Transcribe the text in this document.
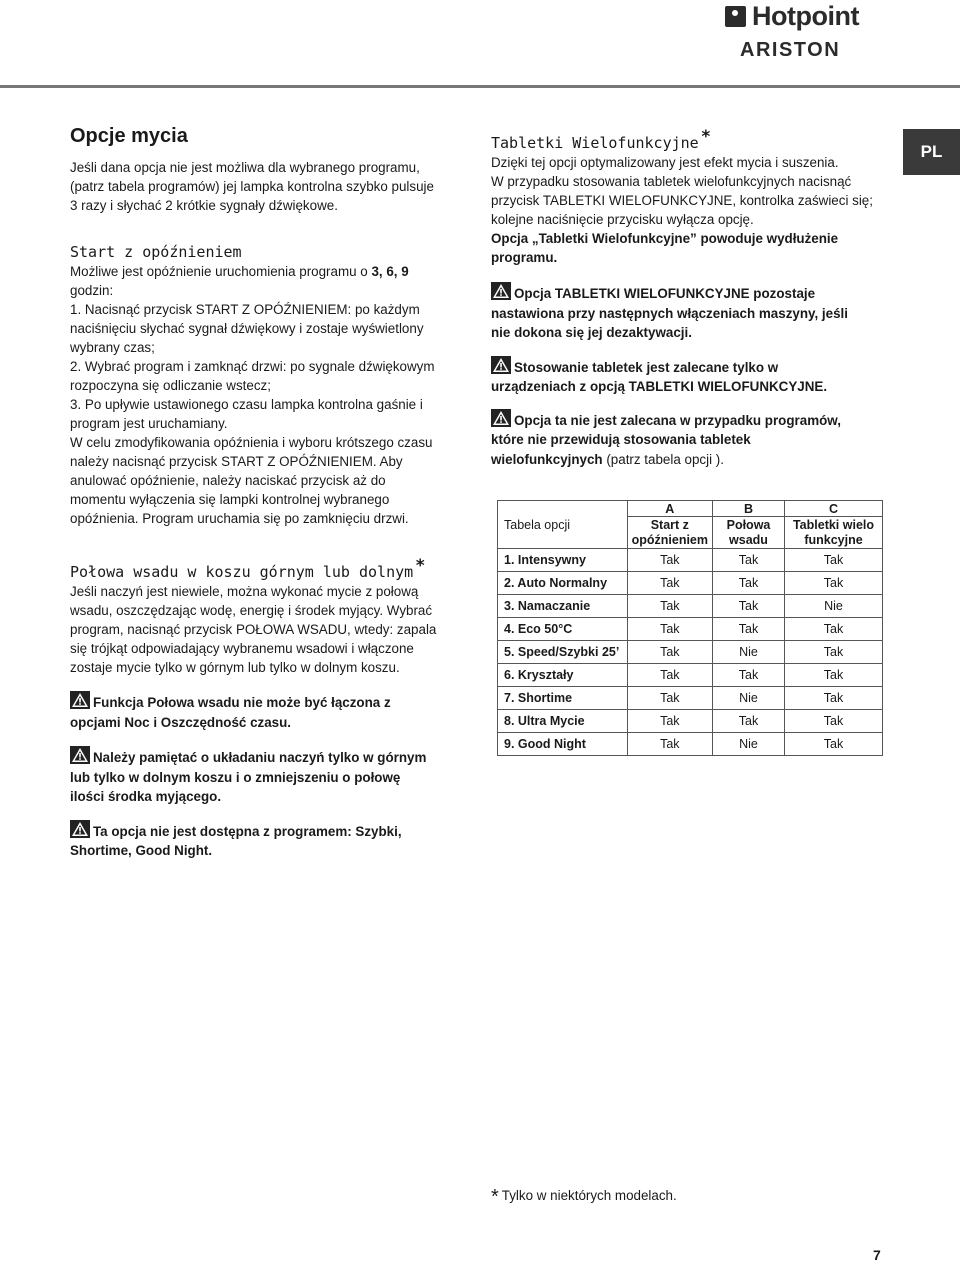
Hotpoint
ARISTON
PL
Opcje mycia

Jeśli dana opcja nie jest możliwa dla wybranego programu,

(patrz tabela programów) jej lampka kontrolna szybko pulsuje

3 razy i słychać 2 krótkie sygnały dźwiękowe.

Start z opóźnieniem

Możliwe jest opóźnienie uruchomienia programu o 3, 6, 9

godzin:

1. Nacisnąć przycisk START Z OPÓŹNIENIEM: po każdym

naciśnięciu słychać sygnał dźwiękowy i zostaje wyświetlony

wybrany czas;

2. Wybrać program i zamknąć drzwi: po sygnale dźwiękowym

rozpoczyna się odliczanie wstecz;

3. Po upływie ustawionego czasu lampka kontrolna gaśnie i

program jest uruchamiany.

W celu zmodyfikowania opóźnienia i wyboru krótszego czasu

należy nacisnąć przycisk START Z OPÓŹNIENIEM. Aby

anulować opóźnienie, należy naciskać przycisk aż do

momentu wyłączenia się lampki kontrolnej wybranego

opóźnienia. Program uruchamia się po zamknięciu drzwi.

Połowa wsadu w koszu górnym lub dolnym *

Jeśli naczyń jest niewiele, można wykonać mycie z połową

wsadu, oszczędzając wodę, energię i środek myjący. Wybrać

program, nacisnąć przycisk POŁOWA WSADU, wtedy: zapala

się trójkąt odpowiadający wybranemu wsadowi i włączone

zostaje mycie tylko w górnym lub tylko w dolnym koszu.

Funkcja Połowa wsadu nie może być łączona z

opcjami Noc i Oszczędność czasu.

Należy pamiętać o układaniu naczyń tylko w górnym

lub tylko w dolnym koszu i o zmniejszeniu o połowę

ilości środka myjącego.

Ta opcja nie jest dostępna z programem: Szybki,

Shortime, Good Night.

Tabletki Wielofunkcyjne *

Dzięki tej opcji optymalizowany jest efekt mycia i suszenia.

W przypadku stosowania tabletek wielofunkcyjnych nacisnąć

przycisk TABLETKI WIELOFUNKCYJNE, kontrolka zaświeci się;

kolejne naciśnięcie przycisku wyłącza opcję.

Opcja „Tabletki Wielofunkcyjne” powoduje wydłużenie

programu.

Opcja TABLETKI WIELOFUNKCYJNE pozostaje

nastawiona przy następnych włączeniach maszyny, jeśli

nie dokona się jej dezaktywacji.

Stosowanie tabletek jest zalecane tylko w

urządzeniach z opcją TABLETKI WIELOFUNKCYJNE.

Opcja ta nie jest zalecana w przypadku programów,

które nie przewidują stosowania tabletek

wielofunkcyjnych (patrz tabela opcji ).

Tabela opcji	A	B	C
	Start z opóźnieniem	Połowa wsadu	Tabletki wielo funkcyjne
1. Intensywny	Tak	Tak	Tak
2. Auto Normalny	Tak	Tak	Tak
3. Namaczanie	Tak	Tak	Nie
4. Eco 50°C	Tak	Tak	Tak
5. Speed/Szybki 25’	Tak	Nie	Tak
6. Kryształy	Tak	Tak	Tak
7. Shortime	Tak	Nie	Tak
8. Ultra Mycie	Tak	Tak	Tak
9. Good Night	Tak	Nie	Tak
* Tylko w niektórych modelach.
7
